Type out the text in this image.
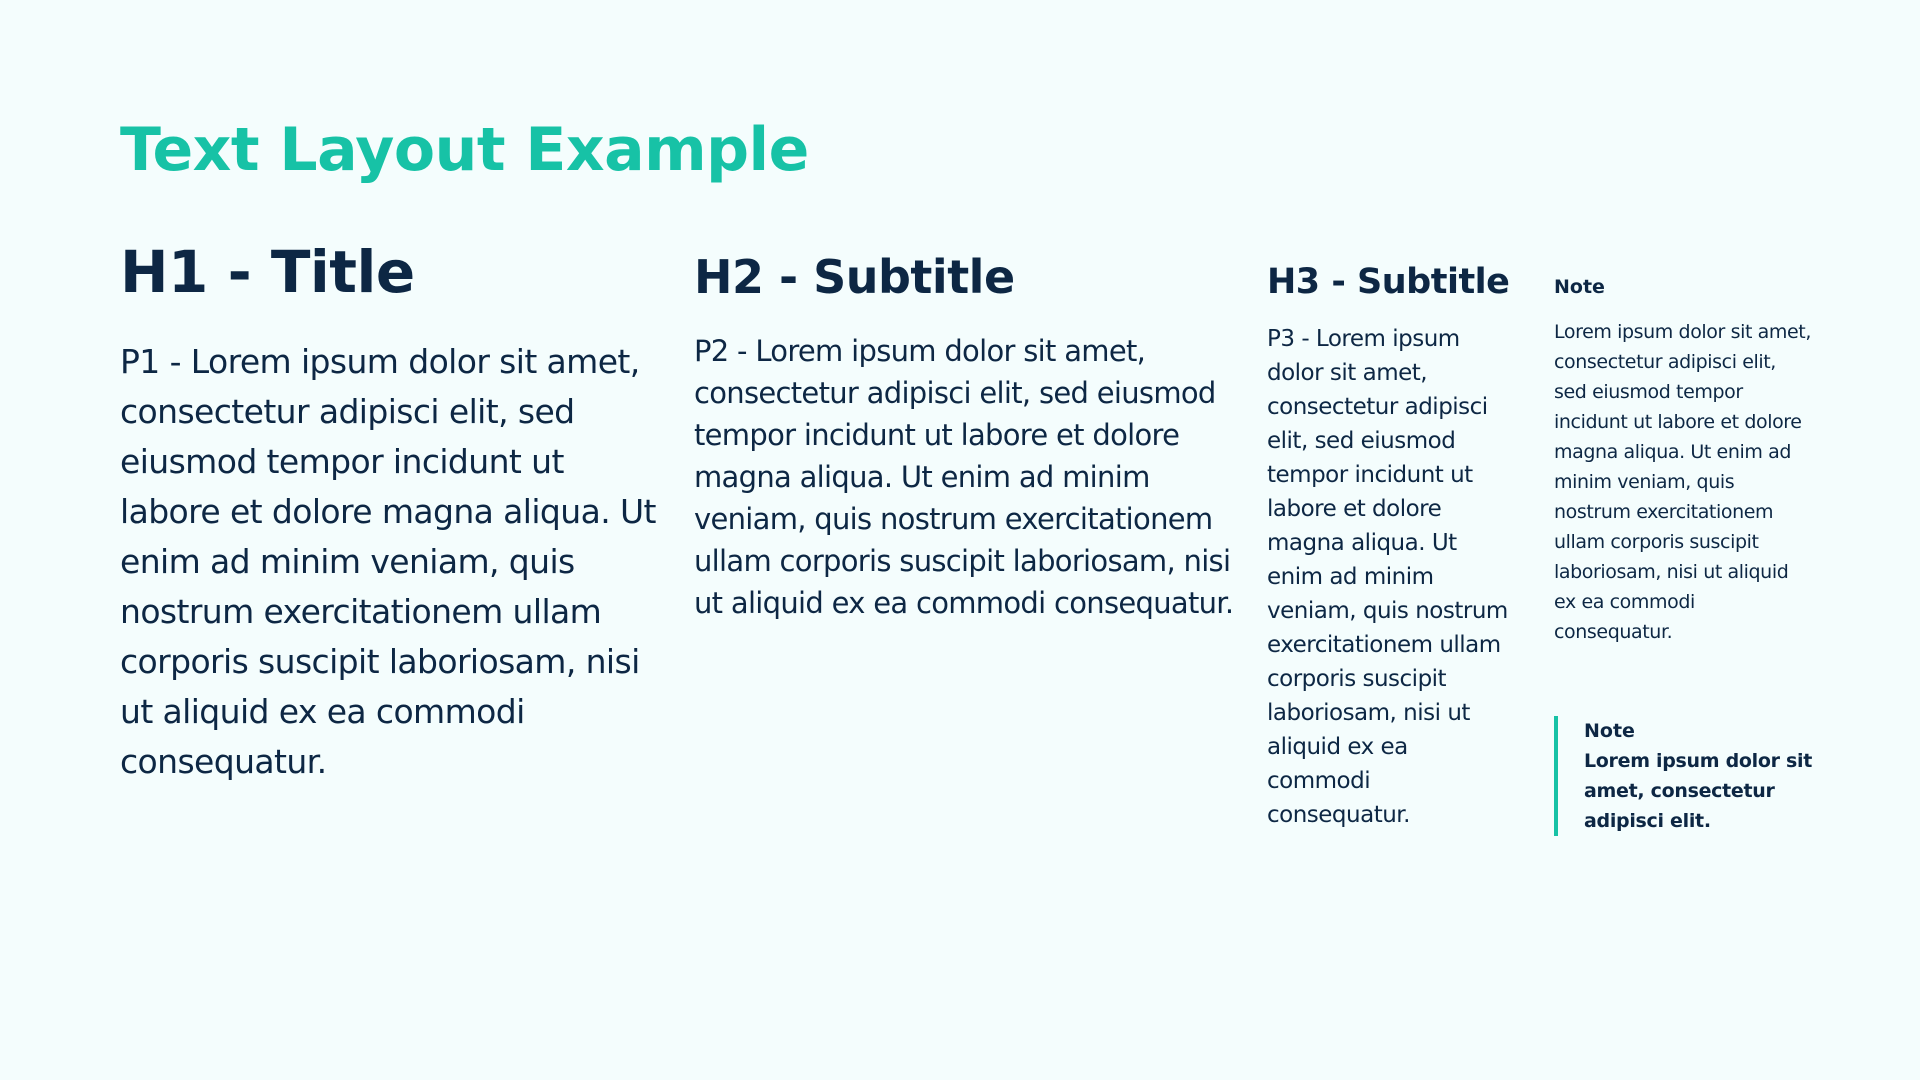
Text Layout Example
H1 - Title

P1 - Lorem ipsum dolor sit amet, consectetur adipisci elit, sed eiusmod tempor incidunt ut labore et dolore magna aliqua. Ut enim ad minim veniam, quis nostrum exercitationem ullam corporis suscipit laboriosam, nisi ut aliquid ex ea commodi consequatur.

H2 - Subtitle

P2 - Lorem ipsum dolor sit amet, consectetur adipisci elit, sed eiusmod tempor incidunt ut labore et dolore magna aliqua. Ut enim ad minim veniam, quis nostrum exercitationem ullam corporis suscipit laboriosam, nisi ut aliquid ex ea commodi consequatur.

H3 - Subtitle

P3 - Lorem ipsum dolor sit amet, consectetur adipisci elit, sed eiusmod tempor incidunt ut labore et dolore magna aliqua. Ut enim ad minim veniam, quis nostrum exercitationem ullam corporis suscipit laboriosam, nisi ut aliquid ex ea commodi consequatur.

Note

Lorem ipsum dolor sit amet, consectetur adipisci elit, sed eiusmod tempor incidunt ut labore et dolore magna aliqua. Ut enim ad minim veniam, quis nostrum exercitationem ullam corporis suscipit laboriosam, nisi ut aliquid ex ea commodi consequatur.

Note

Lorem ipsum dolor sit amet, consectetur adipisci elit.
